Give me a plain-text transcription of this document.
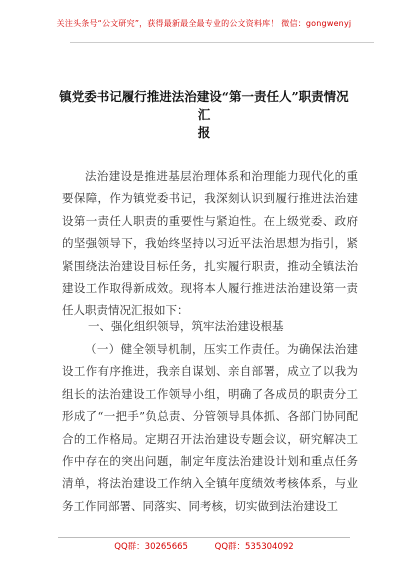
关注头条号“公文研究”，获得最新最全最专业的公文资料库！ 微信：gongwenyj
镇党委书记履行推进法治建设“第一责任人”职责情况汇
报
法治建设是推进基层治理体系和治理能力现代化的重要保障，作为镇党委书记，我深刻认识到履行推进法治建设第一责任人职责的重要性与紧迫性。在上级党委、政府的坚强领导下，我始终坚持以习近平法治思想为指引，紧紧围绕法治建设目标任务，扎实履行职责，推动全镇法治建设工作取得新成效。现将本人履行推进法治建设第一责任人职责情况汇报如下：
一、强化组织领导，筑牢法治建设根基
（一）健全领导机制，压实工作责任。为确保法治建设工作有序推进，我亲自谋划、亲自部署，成立了以我为组长的法治建设工作领导小组，明确了各成员的职责分工形成了“一把手”负总责、分管领导具体抓、各部门协同配合的工作格局。定期召开法治建设专题会议，研究解决工作中存在的突出问题，制定年度法治建设计划和重点任务清单，将法治建设工作纳入全镇年度绩效考核体系，与业务工作同部署、同落实、同考核，切实做到法治建设工
QQ群：30265665	QQ群：535304092
